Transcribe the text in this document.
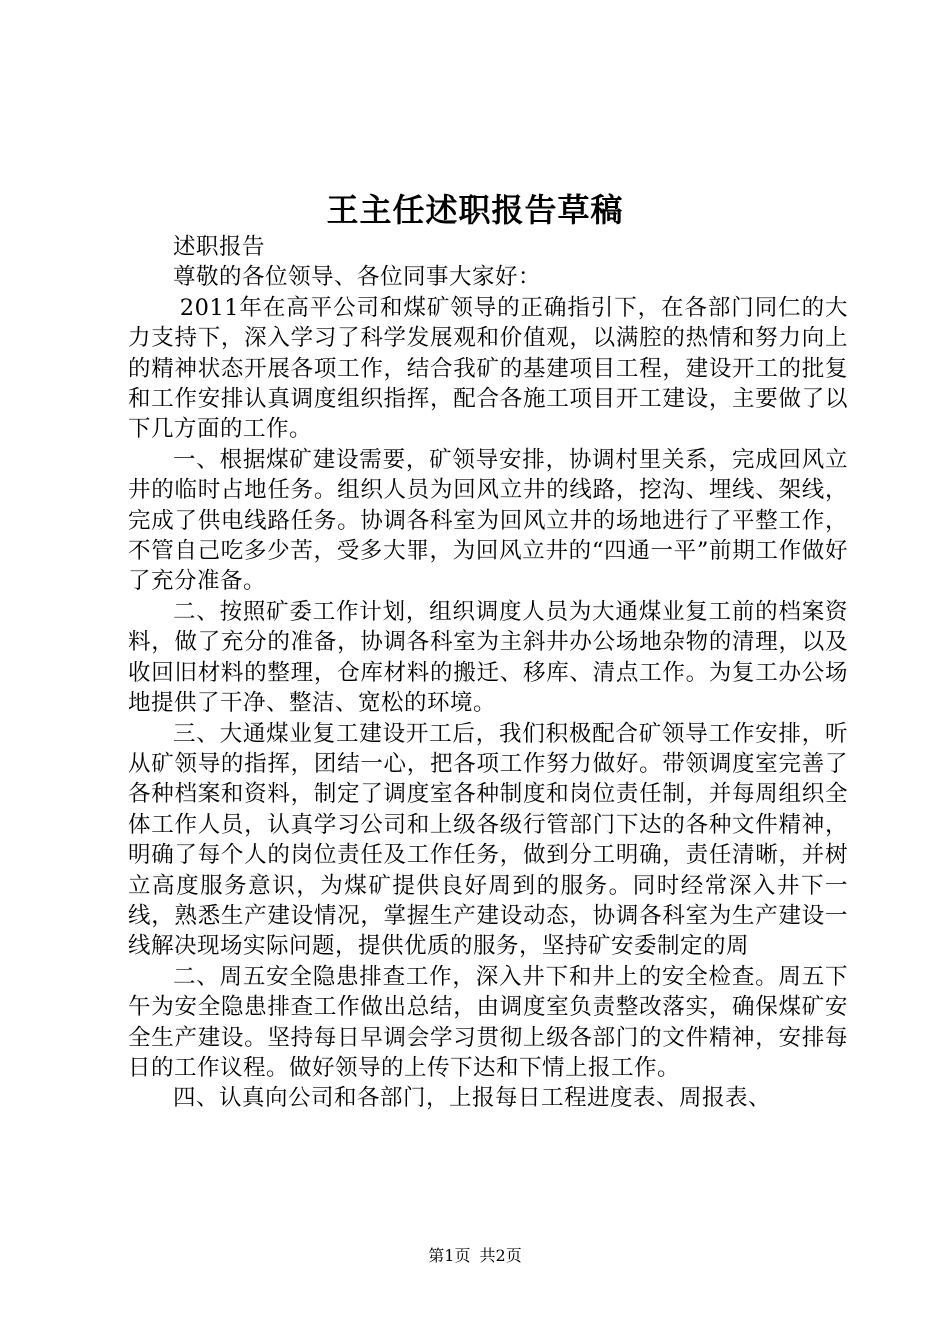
王主任述职报告草稿

述职报告

尊敬的各位领导、各位同事大家好：

2011年在高平公司和煤矿领导的正确指引下，在各部门同仁的大力支持下，深入学习了科学发展观和价值观，以满腔的热情和努力向上的精神状态开展各项工作，结合我矿的基建项目工程，建设开工的批复和工作安排认真调度组织指挥，配合各施工项目开工建设，主要做了以下几方面的工作。

一、根据煤矿建设需要，矿领导安排，协调村里关系，完成回风立井的临时占地任务。组织人员为回风立井的线路，挖沟、埋线、架线，完成了供电线路任务。协调各科室为回风立井的场地进行了平整工作，不管自己吃多少苦，受多大罪，为回风立井的“四通一平”前期工作做好了充分准备。

二、按照矿委工作计划，组织调度人员为大通煤业复工前的档案资料，做了充分的准备，协调各科室为主斜井办公场地杂物的清理，以及收回旧材料的整理，仓库材料的搬迁、移库、清点工作。为复工办公场地提供了干净、整洁、宽松的环境。

三、大通煤业复工建设开工后，我们积极配合矿领导工作安排，听从矿领导的指挥，团结一心，把各项工作努力做好。带领调度室完善了各种档案和资料，制定了调度室各种制度和岗位责任制，并每周组织全体工作人员，认真学习公司和上级各级行管部门下达的各种文件精神，明确了每个人的岗位责任及工作任务，做到分工明确，责任清晰，并树立高度服务意识，为煤矿提供良好周到的服务。同时经常深入井下一线，熟悉生产建设情况，掌握生产建设动态，协调各科室为生产建设一线解决现场实际问题，提供优质的服务，坚持矿安委制定的周

二、周五安全隐患排查工作，深入井下和井上的安全检查。周五下午为安全隐患排查工作做出总结，由调度室负责整改落实，确保煤矿安全生产建设。坚持每日早调会学习贯彻上级各部门的文件精神，安排每日的工作议程。做好领导的上传下达和下情上报工作。

四、认真向公司和各部门，上报每日工程进度表、周报表、

第1页 共2页
